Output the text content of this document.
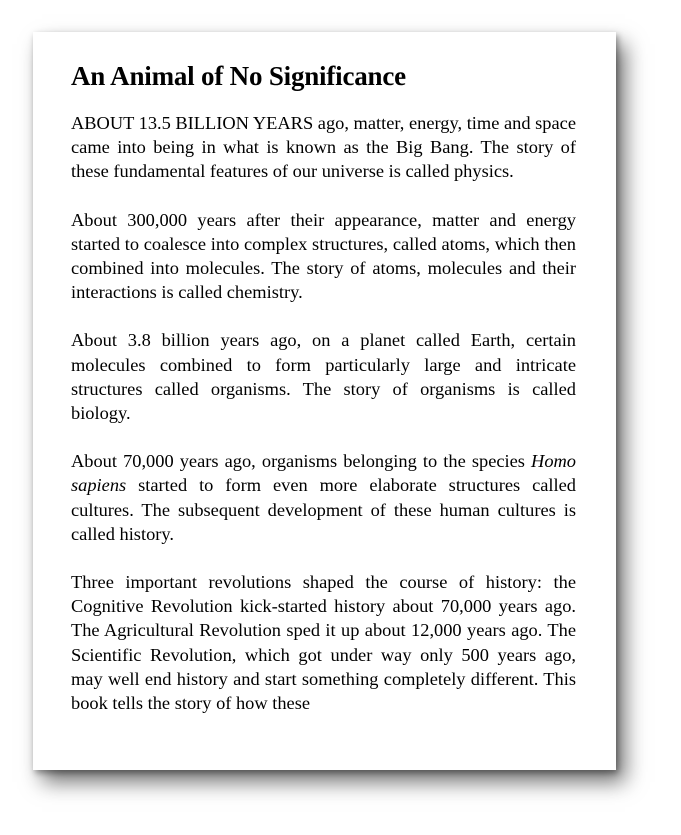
An Animal of No Significance

ABOUT 13.5 BILLION YEARS ago, matter, energy, time and space came into being in what is known as the Big Bang. The story of these fundamental features of our universe is called physics.

About 300,000 years after their appearance, matter and energy started to coalesce into complex structures, called atoms, which then combined into molecules. The story of atoms, molecules and their interactions is called chemistry.

About 3.8 billion years ago, on a planet called Earth, certain molecules combined to form particularly large and intricate structures called organisms. The story of organisms is called biology.

About 70,000 years ago, organisms belonging to the species Homo sapiens started to form even more elaborate structures called cultures. The subsequent development of these human cultures is called history.

Three important revolutions shaped the course of history: the Cognitive Revolution kick-started history about 70,000 years ago. The Agricultural Revolution sped it up about 12,000 years ago. The Scientific Revolution, which got under way only 500 years ago, may well end history and start something completely different. This book tells the story of how these
